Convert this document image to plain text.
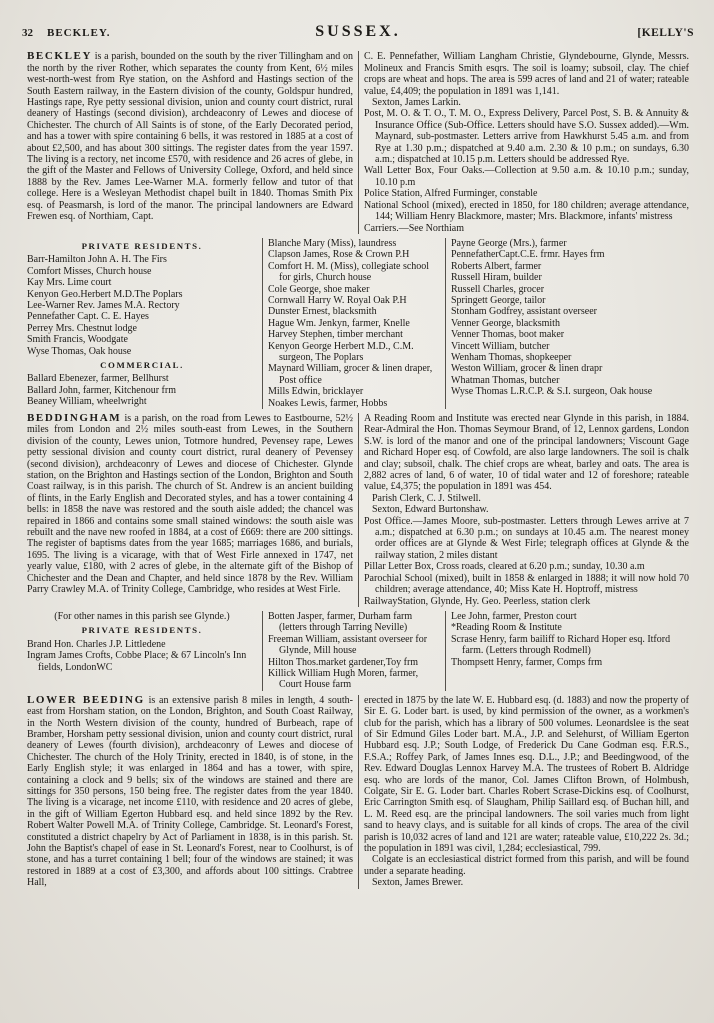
32 BECKLEY.	SUSSEX.	[KELLY'S

BECKLEY is a parish, bounded on the south by the river Tillingham and on the north by the river Rother, which separates the county from Kent, 6½ miles west-north-west from Rye station, on the Ashford and Hastings section of the South Eastern railway, in the Eastern division of the county, Goldspur hundred, Hastings rape, Rye petty sessional division, union and county court district, rural deanery of Hastings (second division), archdeaconry of Lewes and diocese of Chichester. The church of All Saints is of stone, of the Early Decorated period, and has a tower with spire containing 6 bells, it was restored in 1885 at a cost of about £2,500, and has about 300 sittings. The register dates from the year 1597. The living is a rectory, net income £570, with residence and 26 acres of glebe, in the gift of the Master and Fellows of University College, Oxford, and held since 1888 by the Rev. James Lee-Warner M.A. formerly fellow and tutor of that college. Here is a Wesleyan Methodist chapel built in 1840. Thomas Smith Pix esq. of Peasmarsh, is lord of the manor. The principal landowners are Edward Frewen esq. of Northiam, Capt.

C. E. Pennefather, William Langham Christie, Glyndebourne, Glynde, Messrs. Molineux and Francis Smith esqrs. The soil is loamy; subsoil, clay. The chief crops are wheat and hops. The area is 599 acres of land and 21 of water; rateable value, £4,409; the population in 1891 was 1,141.

Sexton, James Larkin.

Post, M. O. & T. O., T. M. O., Express Delivery, Parcel Post, S. B. & Annuity & Insurance Office (Sub-Office. Letters should have S.O. Sussex added).—Wm. Maynard, sub-postmaster. Letters arrive from Hawkhurst 5.45 a.m. and from Rye at 1.30 p.m.; dispatched at 9.40 a.m. 2.30 & 10 p.m.; on sundays, 6.30 a.m.; dispatched at 10.15 p.m. Letters should be addressed Rye.

Wall Letter Box, Four Oaks.—Collection at 9.50 a.m. & 10.10 p.m.; sunday, 10.10 p.m

Police Station, Alfred Furminger, constable

National School (mixed), erected in 1850, for 180 children; average attendance, 144; William Henry Blackmore, master; Mrs. Blackmore, infants' mistress

Carriers.—See Northiam

PRIVATE RESIDENTS.

Barr-Hamilton John A. H. The Firs
Comfort Misses, Church house
Kay Mrs. Lime court
Kenyon Geo.Herbert M.D.The Poplars
Lee-Warner Rev. James M.A. Rectory
Pennefather Capt. C. E. Hayes
Perrey Mrs. Chestnut lodge
Smith Francis, Woodgate
Wyse Thomas, Oak house

COMMERCIAL.

Ballard Ebenezer, farmer, Bellhurst
Ballard John, farmer, Kitchenour frm
Beaney William, wheelwright
Blanche Mary (Miss), laundress
Clapson James, Rose & Crown P.H
Comfort H. M. (Miss), collegiate school for girls, Church house
Cole George, shoe maker
Cornwall Harry W. Royal Oak P.H
Dunster Ernest, blacksmith
Hague Wm. Jenkyn, farmer, Knelle
Harvey Stephen, timber merchant
Kenyon George Herbert M.D., C.M. surgeon, The Poplars
Maynard William, grocer & linen draper, Post office
Mills Edwin, bricklayer
Noakes Lewis, farmer, Hobbs
Payne George (Mrs.), farmer
PennefatherCapt.C.E. frmr. Hayes frm
Roberts Albert, farmer
Russell Hiram, builder
Russell Charles, grocer
Springett George, tailor
Stonham Godfrey, assistant overseer
Venner George, blacksmith
Venner Thomas, boot maker
Vincett William, butcher
Wenham Thomas, shopkeeper
Weston William, grocer & linen drapr
Whatman Thomas, butcher
Wyse Thomas L.R.C.P. & S.I. surgeon, Oak house

BEDDINGHAM is a parish, on the road from Lewes to Eastbourne, 52½ miles from London and 2½ miles south-east from Lewes, in the Southern division of the county, Lewes union, Totmore hundred, Pevensey rape, Lewes petty sessional division and county court district, rural deanery of Pevensey (second division), archdeaconry of Lewes and diocese of Chichester. Glynde station, on the Brighton and Hastings section of the London, Brighton and South Coast railway, is in this parish. The church of St. Andrew is an ancient building of flints, in the Early English and Decorated styles, and has a tower containing 4 bells: in 1858 the nave was restored and the south aisle added; the chancel was repaired in 1866 and contains some small stained windows: the south aisle was rebuilt and the nave new roofed in 1884, at a cost of £669: there are 200 sittings. The register of baptisms dates from the year 1685; marriages 1686, and burials, 1695. The living is a vicarage, with that of West Firle annexed in 1747, net yearly value, £180, with 2 acres of glebe, in the alternate gift of the Bishop of Chichester and the Dean and Chapter, and held since 1878 by the Rev. William Parry Crawley M.A. of Trinity College, Cambridge, who resides at West Firle.

A Reading Room and Institute was erected near Glynde in this parish, in 1884. Rear-Admiral the Hon. Thomas Seymour Brand, of 12, Lennox gardens, London S.W. is lord of the manor and one of the principal landowners; Viscount Gage and Richard Hoper esq. of Cowfold, are also large landowners. The soil is chalk and clay; subsoil, chalk. The chief crops are wheat, barley and oats. The area is 2,882 acres of land, 6 of water, 10 of tidal water and 12 of foreshore; rateable value, £4,375; the population in 1891 was 454.

Parish Clerk, C. J. Stilwell.

Sexton, Edward Burtonshaw.

Post Office.—James Moore, sub-postmaster. Letters through Lewes arrive at 7 a.m.; dispatched at 6.30 p.m.; on sundays at 10.45 a.m. The nearest money order offices are at Glynde & West Firle; telegraph offices at Glynde & the railway station, 2 miles distant

Pillar Letter Box, Cross roads, cleared at 6.20 p.m.; sunday, 10.30 a.m

Parochial School (mixed), built in 1858 & enlarged in 1888; it will now hold 70 children; average attendance, 40; Miss Kate H. Hoptroff, mistress

RailwayStation, Glynde, Hy. Geo. Peerless, station clerk

(For other names in this parish see Glynde.)

PRIVATE RESIDENTS.

Brand Hon. Charles J.P. Littledene
Ingram James Crofts, Cobbe Place; & 67 Lincoln's Inn fields, LondonWC
Botten Jasper, farmer, Durham farm (letters through Tarring Neville)
Freeman William, assistant overseer for Glynde, Mill house
Hilton Thos.market gardener,Toy frm
Killick William Hugh Moren, farmer, Court House farm
Lee John, farmer, Preston court
*Reading Room & Institute
Scrase Henry, farm bailiff to Richard Hoper esq. Itford farm. (Letters through Rodmell)
Thompsett Henry, farmer, Comps frm

LOWER BEEDING is an extensive parish 8 miles in length, 4 south-east from Horsham station, on the London, Brighton, and South Coast Railway, in the North Western division of the county, hundred of Burbeach, rape of Bramber, Horsham petty sessional division, union and county court district, rural deanery of Lewes (fourth division), archdeaconry of Lewes and diocese of Chichester. The church of the Holy Trinity, erected in 1840, is of stone, in the Early English style; it was enlarged in 1864 and has a tower, with spire, containing a clock and 9 bells; six of the windows are stained and there are sittings for 350 persons, 150 being free. The register dates from the year 1840. The living is a vicarage, net income £110, with residence and 20 acres of glebe, in the gift of William Egerton Hubbard esq. and held since 1892 by the Rev. Robert Walter Powell M.A. of Trinity College, Cambridge. St. Leonard's Forest, constituted a district chapelry by Act of Parliament in 1838, is in this parish. St. John the Baptist's chapel of ease in St. Leonard's Forest, near to Coolhurst, is of stone, and has a turret containing 1 bell; four of the windows are stained; it was restored in 1889 at a cost of £3,300, and affords about 100 sittings. Crabtree Hall,

erected in 1875 by the late W. E. Hubbard esq. (d. 1883) and now the property of Sir E. G. Loder bart. is used, by kind permission of the owner, as a workmen's club for the parish, which has a library of 500 volumes. Leonardslee is the seat of Sir Edmund Giles Loder bart. M.A., J.P. and Selehurst, of William Egerton Hubbard esq. J.P.; South Lodge, of Frederick Du Cane Godman esq. F.R.S., F.S.A.; Roffey Park, of James Innes esq. D.L., J.P.; and Beedingwood, of the Rev. Edward Douglas Lennox Harvey M.A. The trustees of Robert B. Aldridge esq. who are lords of the manor, Col. James Clifton Brown, of Holmbush, Colgate, Sir E. G. Loder bart. Charles Robert Scrase-Dickins esq. of Coolhurst, Eric Carrington Smith esq. of Slaugham, Philip Saillard esq. of Buchan hill, and L. M. Reed esq. are the principal landowners. The soil varies much from light sand to heavy clays, and is suitable for all kinds of crops. The area of the civil parish is 10,032 acres of land and 121 are water; rateable value, £10,222 2s. 3d.; the population in 1891 was civil, 1,284; ecclesiastical, 799.

Colgate is an ecclesiastical district formed from this parish, and will be found under a separate heading.

Sexton, James Brewer.
